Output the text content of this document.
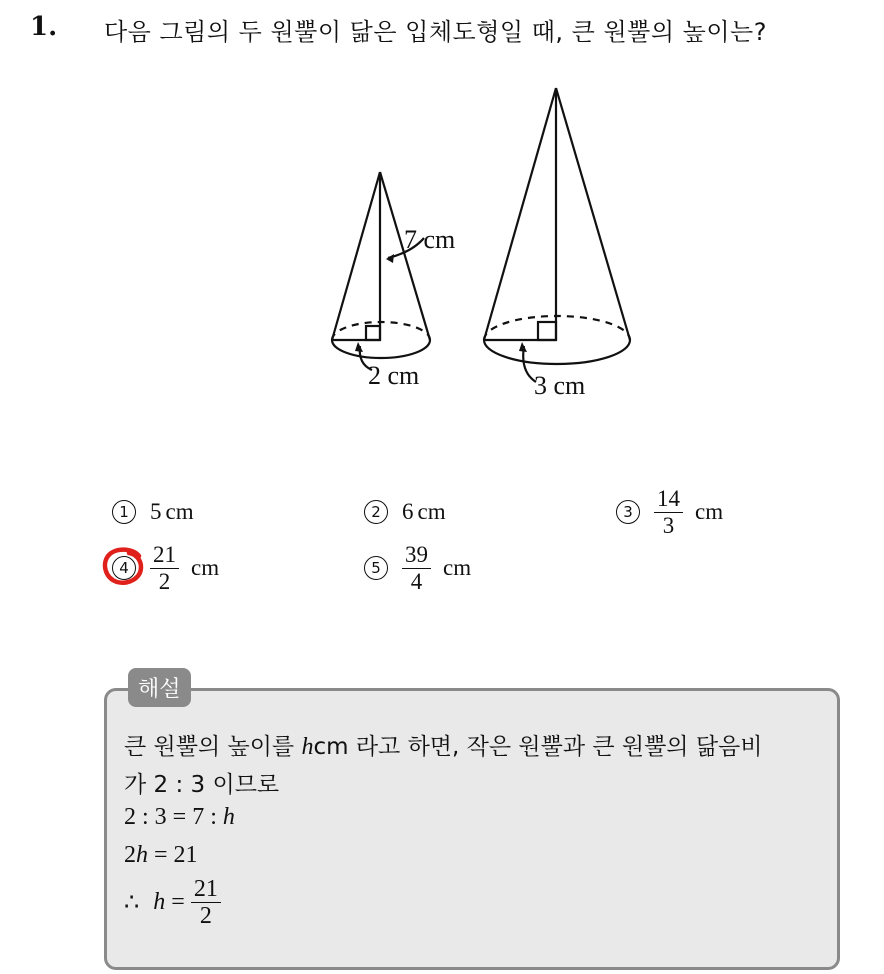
1. 다음 그림의 두 원뿔이 닮은 입체도형일 때, 큰 원뿔의 높이는?
7 cm
2 cm	3 cm
1 5 cm	2 6 cm	$3 \frac{14}{3}$ cm
$4 \frac{21}{2}$ cm	$5 \frac{39}{4}$ cm
해설
큰 원뿔의 높이를 hcm 라고 하면, 작은 원뿔과 큰 원뿔의 닮음비
가 2 : 3 이므로
2 : 3 = 7 : h
2h = 21
∴ $h = \frac{21}{2}$
